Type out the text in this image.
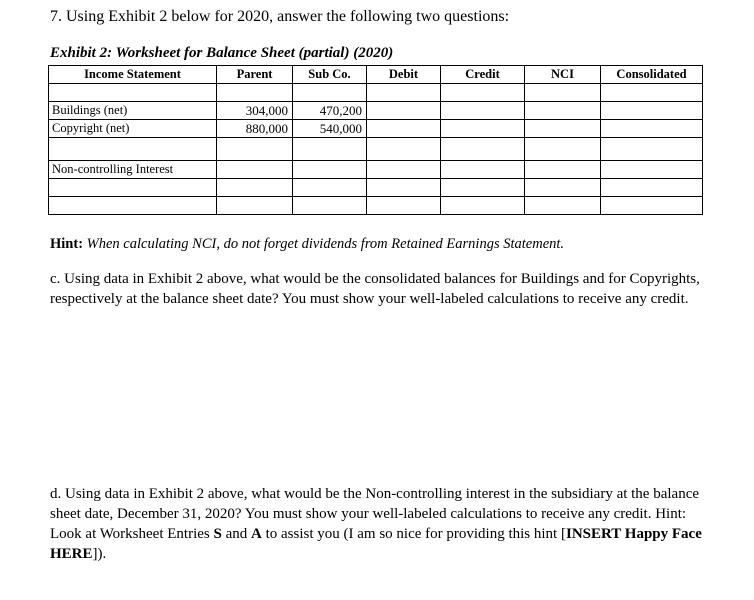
7. Using Exhibit 2 below for 2020, answer the following two questions:
Exhibit 2: Worksheet for Balance Sheet (partial) (2020)
Income Statement	Parent	Sub Co.	Debit	Credit	NCI	Consolidated

Buildings (net)	304,000	470,200				
Copyright (net)	880,000	540,000				

Non-controlling Interest						

Hint: When calculating NCI, do not forget dividends from Retained Earnings Statement.
c. Using data in Exhibit 2 above, what would be the consolidated balances for Buildings and for Copyrights, respectively at the balance sheet date? You must show your well-labeled calculations to receive any credit.
d. Using data in Exhibit 2 above, what would be the Non-controlling interest in the subsidiary at the balance sheet date, December 31, 2020? You must show your well-labeled calculations to receive any credit. Hint: Look at Worksheet Entries S and A to assist you (I am so nice for providing this hint [INSERT Happy Face HERE]).
